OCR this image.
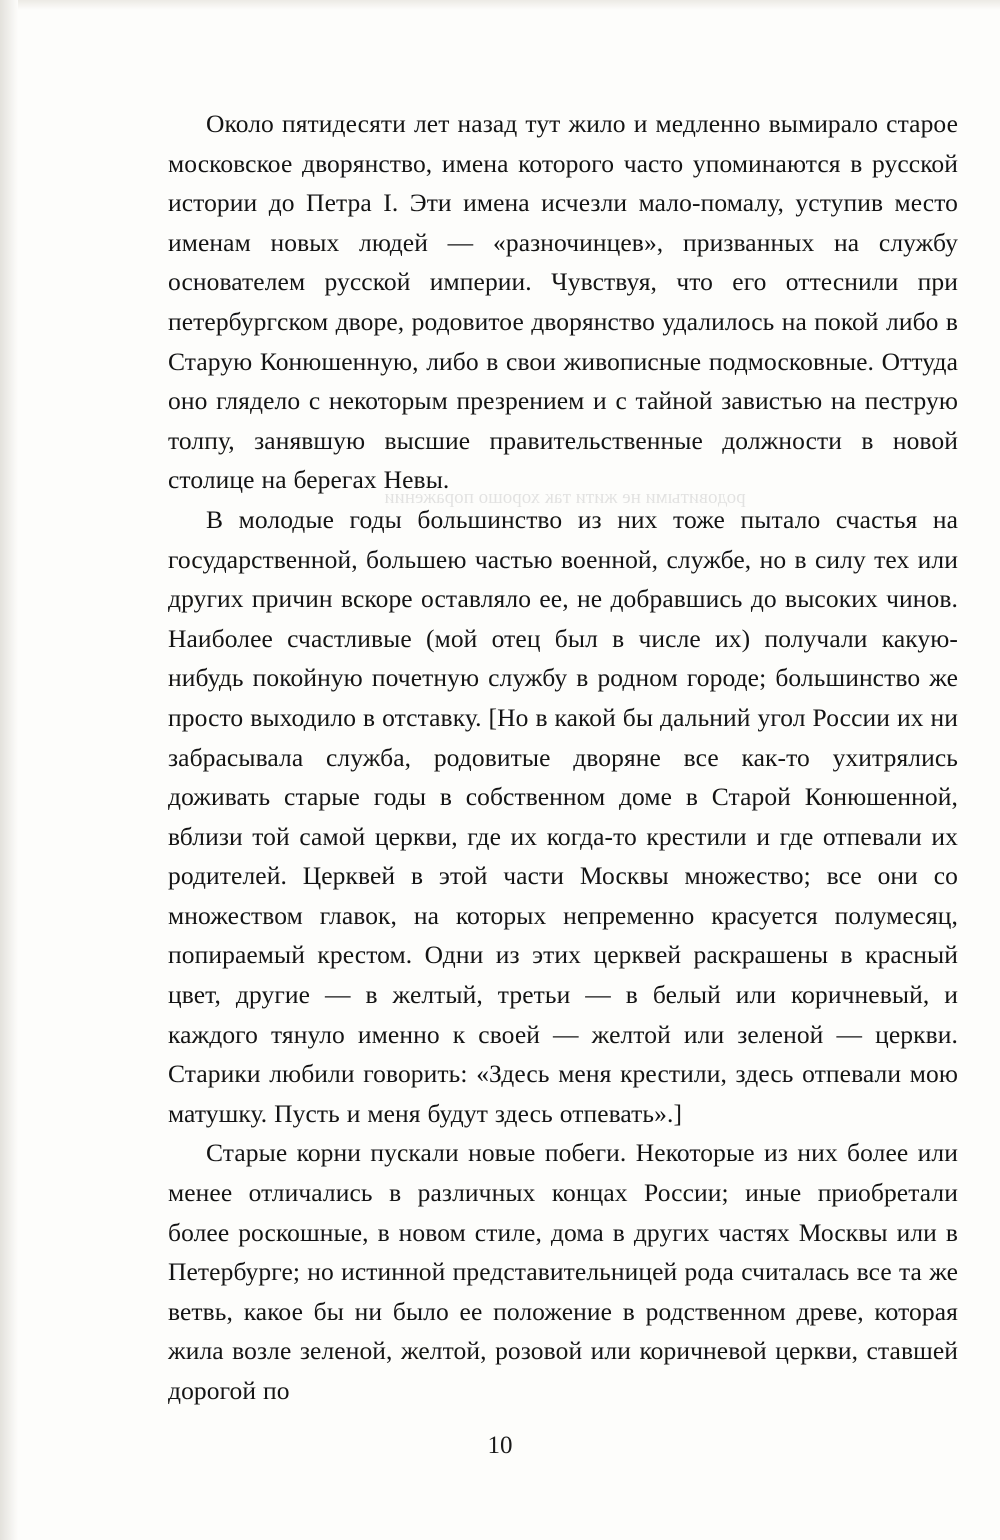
Около пятидесяти лет назад тут жило и медленно вымирало старое московское дворянство, имена которого часто упоминаются в русской истории до Петра I. Эти имена исчезли мало-помалу, уступив место именам новых людей — «разночинцев», призванных на службу основателем русской империи. Чувствуя, что его оттеснили при петербургском дворе, родовитое дворянство удалилось на покой либо в Старую Конюшенную, либо в свои живописные подмосковные. Оттуда оно глядело с некоторым презрением и с тайной завистью на пеструю толпу, занявшую высшие правительственные должности в новой столице на берегах Невы.

В молодые годы большинство из них тоже пытало счастья на государственной, большею частью военной, службе, но в силу тех или других причин вскоре оставляло ее, не добравшись до высоких чинов. Наиболее счастливые (мой отец был в числе их) получали какую-нибудь покойную почетную службу в родном городе; большинство же просто выходило в отставку. [Но в какой бы дальний угол России их ни забрасывала служба, родовитые дворяне все как-то ухитрялись доживать старые годы в собственном доме в Старой Конюшенной, вблизи той самой церкви, где их когда-то крестили и где отпевали их родителей. Церквей в этой части Москвы множество; все они со множеством главок, на которых непременно красуется полумесяц, попираемый крестом. Одни из этих церквей раскрашены в красный цвет, другие — в желтый, третьи — в белый или коричневый, и каждого тянуло именно к своей — желтой или зеленой — церкви. Старики любили говорить: «Здесь меня крестили, здесь отпевали мою матушку. Пусть и меня будут здесь отпевать».]

Старые корни пускали новые побеги. Некоторые из них более или менее отличались в различных концах России; иные приобретали более роскошные, в новом стиле, дома в других частях Москвы или в Петербурге; но истинной представительницей рода считалась все та же ветвь, какое бы ни было ее положение в родственном древе, которая жила возле зеленой, желтой, розовой или коричневой церкви, ставшей дорогой по

родовитыми не жити так хорошо поражении
10
